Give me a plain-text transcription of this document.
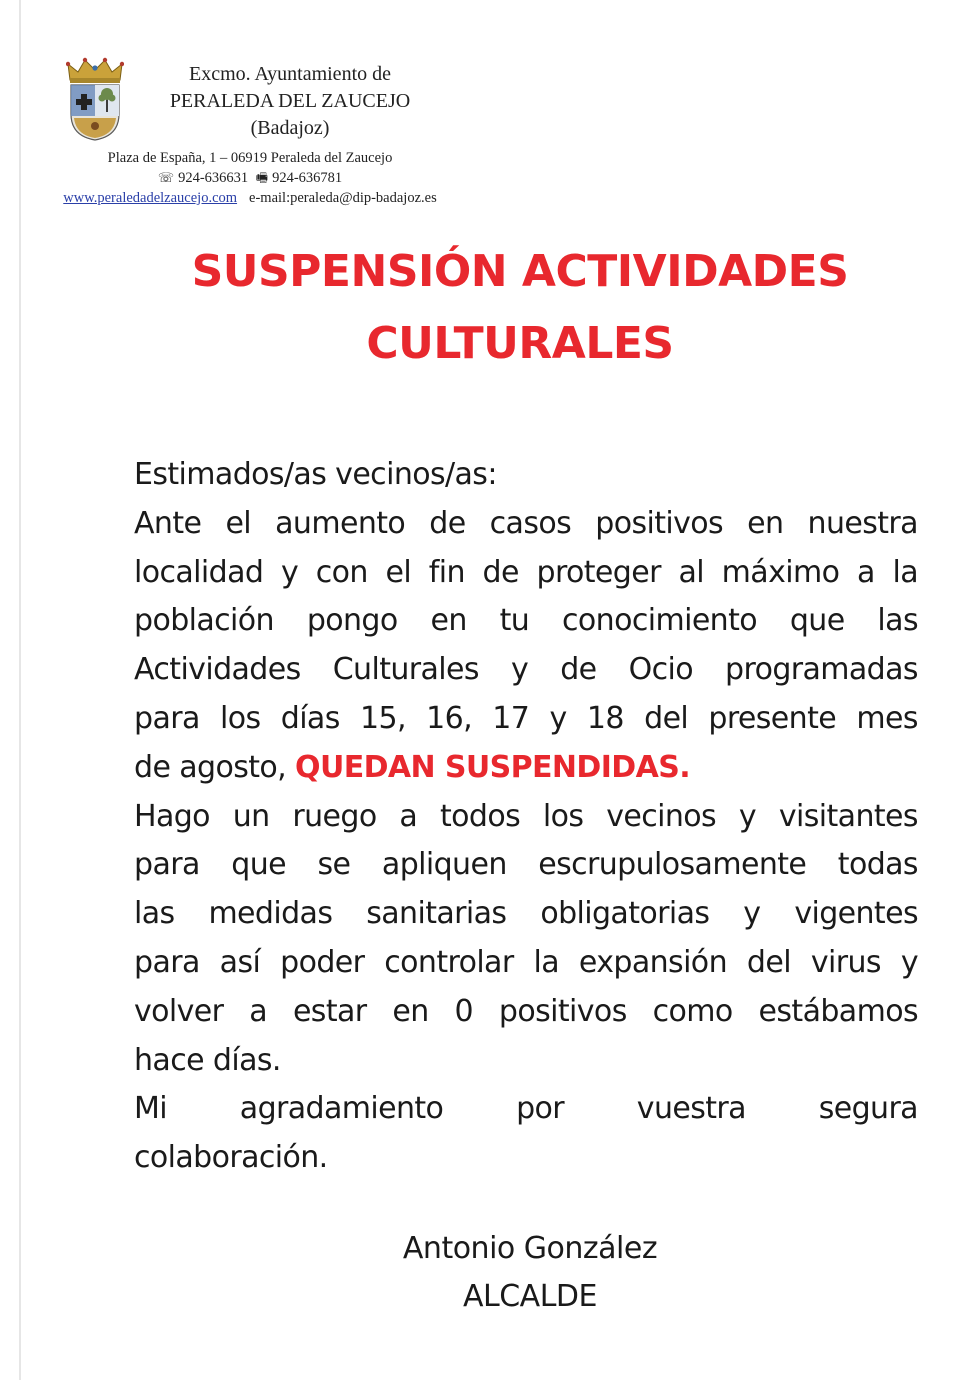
Excmo. Ayuntamiento de
PERALEDA DEL ZAUCEJO
(Badajoz)
Plaza de España, 1 – 06919 Peraleda del Zaucejo
☏ 924-636631 🖷 924-636781
www.peraledadelzaucejo.com e-mail:peraleda@dip-badajoz.es
SUSPENSIÓN ACTIVIDADES
CULTURALES
Estimados/as vecinos/as:
Ante el aumento de casos positivos en nuestra
localidad y con el fin de proteger al máximo a la
población pongo en tu conocimiento que las
Actividades Culturales y de Ocio programadas
para los días 15, 16, 17 y 18 del presente mes
de agosto, QUEDAN SUSPENDIDAS.
Hago un ruego a todos los vecinos y visitantes
para que se apliquen escrupulosamente todas
las medidas sanitarias obligatorias y vigentes
para así poder controlar la expansión del virus y
volver a estar en 0 positivos como estábamos
hace días.
Mi agradamiento por vuestra segura
colaboración.
Antonio González
ALCALDE
